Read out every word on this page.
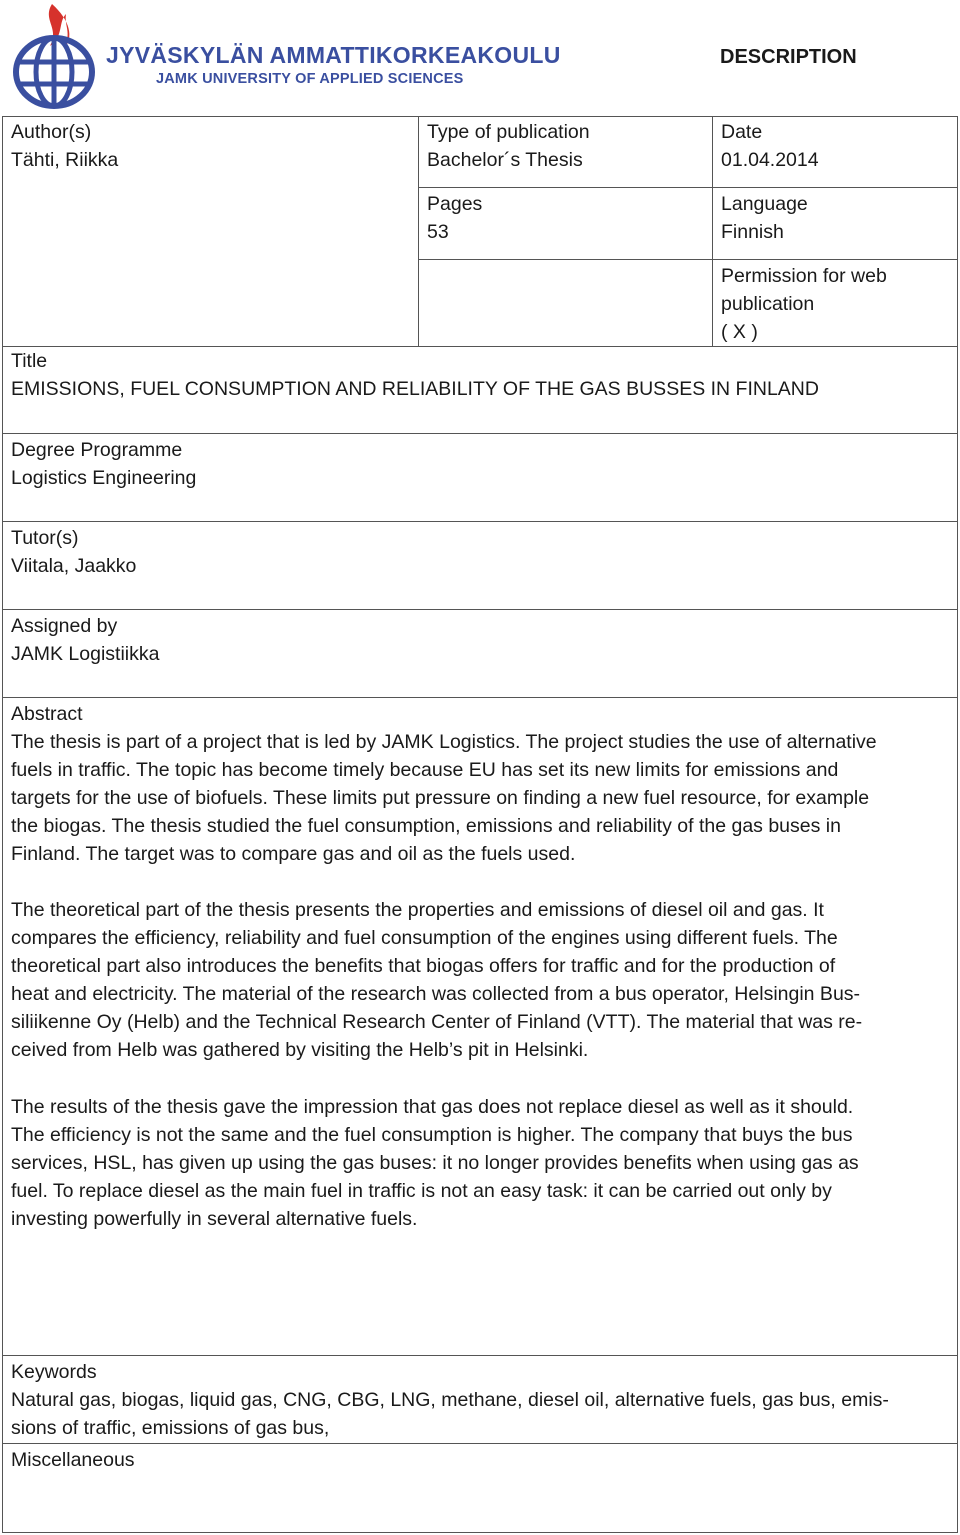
JYVÄSKYLÄN AMMATTIKORKEAKOULU
JAMK UNIVERSITY OF APPLIED SCIENCES
DESCRIPTION
Author(s)
Tähti, Riikka
Type of publication
Bachelor´s Thesis
Date
01.04.2014
Pages
53
Language
Finnish
Permission for web
publication
( X )
Title
EMISSIONS, FUEL CONSUMPTION AND RELIABILITY OF THE GAS BUSSES IN FINLAND
Degree Programme
Logistics Engineering
Tutor(s)
Viitala, Jaakko
Assigned by
JAMK Logistiikka
Abstract
The thesis is part of a project that is led by JAMK Logistics. The project studies the use of alternative
fuels in traffic. The topic has become timely because EU has set its new limits for emissions and
targets for the use of biofuels. These limits put pressure on finding a new fuel resource, for example
the biogas. The thesis studied the fuel consumption, emissions and reliability of the gas buses in
Finland. The target was to compare gas and oil as the fuels used.
The theoretical part of the thesis presents the properties and emissions of diesel oil and gas. It
compares the efficiency, reliability and fuel consumption of the engines using different fuels. The
theoretical part also introduces the benefits that biogas offers for traffic and for the production of
heat and electricity. The material of the research was collected from a bus operator, Helsingin Bus-
siliikenne Oy (Helb) and the Technical Research Center of Finland (VTT). The material that was re-
ceived from Helb was gathered by visiting the Helb’s pit in Helsinki.
The results of the thesis gave the impression that gas does not replace diesel as well as it should.
The efficiency is not the same and the fuel consumption is higher. The company that buys the bus
services, HSL, has given up using the gas buses: it no longer provides benefits when using gas as
fuel. To replace diesel as the main fuel in traffic is not an easy task: it can be carried out only by
investing powerfully in several alternative fuels.
Keywords
Natural gas, biogas, liquid gas, CNG, CBG, LNG, methane, diesel oil, alternative fuels, gas bus, emis-
sions of traffic, emissions of gas bus,
Miscellaneous
